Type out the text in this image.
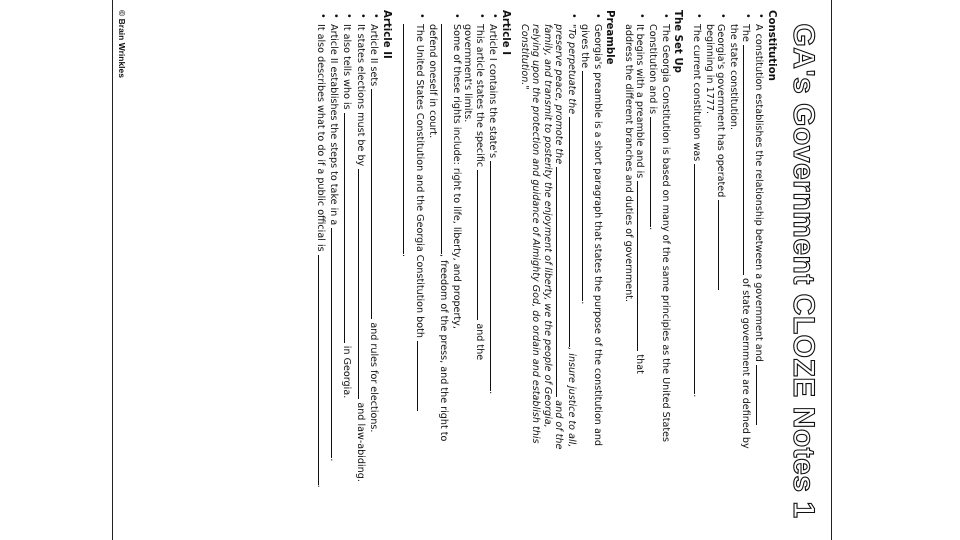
GA's Government CLOZE Notes 1
Constitution
• A constitution establishes the relationship between a government and
• The  of state government are defined by
the state constitution.
• Georgia's government has operated
beginning in 1777.
• The current constitution was .
The Set Up
• The Georgia Constitution is based on many of the same principles as the United States
Constitution and is .
• It begins with a preamble and is  that
address the different branches and duties of government.
Preamble
• Georgia's preamble is a short paragraph that states the purpose of the constitution and
gives the .
• "To perpetuate the , insure justice to all,
preserve peace, promote the  and of the
family, and transmit to posterity the enjoyment of liberty, we the people of Georgia,
relying upon the protection and guidance of Almighty God, do ordain and establish this
Constitution."
Article I
• Article I contains the state's .
• This article states the specific  and the
government's limits.
• Some of these rights include: right to life, liberty, and property,
, freedom of the press, and the right to
defend oneself in court.
• The United States Constitution and the Georgia Constitution both
.
Article II
• Article II sets  and rules for elections.
• It states elections must be by  and law-abiding.
• It also tells who is  in Georgia.
• Article II establishes the steps to take in a .
• It also describes what to do if a public official is .
© Brain Wrinkles
